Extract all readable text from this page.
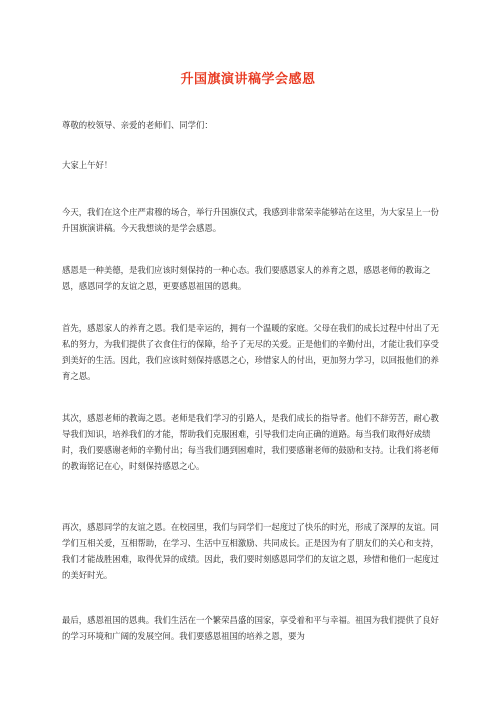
升国旗演讲稿学会感恩
尊敬的校领导、亲爱的老师们、同学们：
大家上午好！
今天，我们在这个庄严肃穆的场合，举行升国旗仪式，我感到非常荣幸能够站在这里，为大家呈上一份升国旗演讲稿。今天我想谈的是学会感恩。
感恩是一种美德，是我们应该时刻保持的一种心态。我们要感恩家人的养育之恩，感恩老师的教诲之恩，感恩同学的友谊之恩，更要感恩祖国的恩典。
首先，感恩家人的养育之恩。我们是幸运的，拥有一个温暖的家庭。父母在我们的成长过程中付出了无私的努力，为我们提供了衣食住行的保障，给予了无尽的关爱。正是他们的辛勤付出，才能让我们享受到美好的生活。因此，我们应该时刻保持感恩之心，珍惜家人的付出，更加努力学习，以回报他们的养育之恩。
其次，感恩老师的教诲之恩。老师是我们学习的引路人，是我们成长的指导者。他们不辞劳苦，耐心教导我们知识，培养我们的才能，帮助我们克服困难，引导我们走向正确的道路。每当我们取得好成绩时，我们要感谢老师的辛勤付出；每当我们遇到困难时，我们要感谢老师的鼓励和支持。让我们将老师的教诲铭记在心，时刻保持感恩之心。
再次，感恩同学的友谊之恩。在校园里，我们与同学们一起度过了快乐的时光，形成了深厚的友谊。同学们互相关爱，互相帮助，在学习、生活中互相激励、共同成长。正是因为有了朋友们的关心和支持，我们才能战胜困难，取得优异的成绩。因此，我们要时刻感恩同学们的友谊之恩，珍惜和他们一起度过的美好时光。
最后，感恩祖国的恩典。我们生活在一个繁荣昌盛的国家，享受着和平与幸福。祖国为我们提供了良好的学习环境和广阔的发展空间。我们要感恩祖国的培养之恩，要为
